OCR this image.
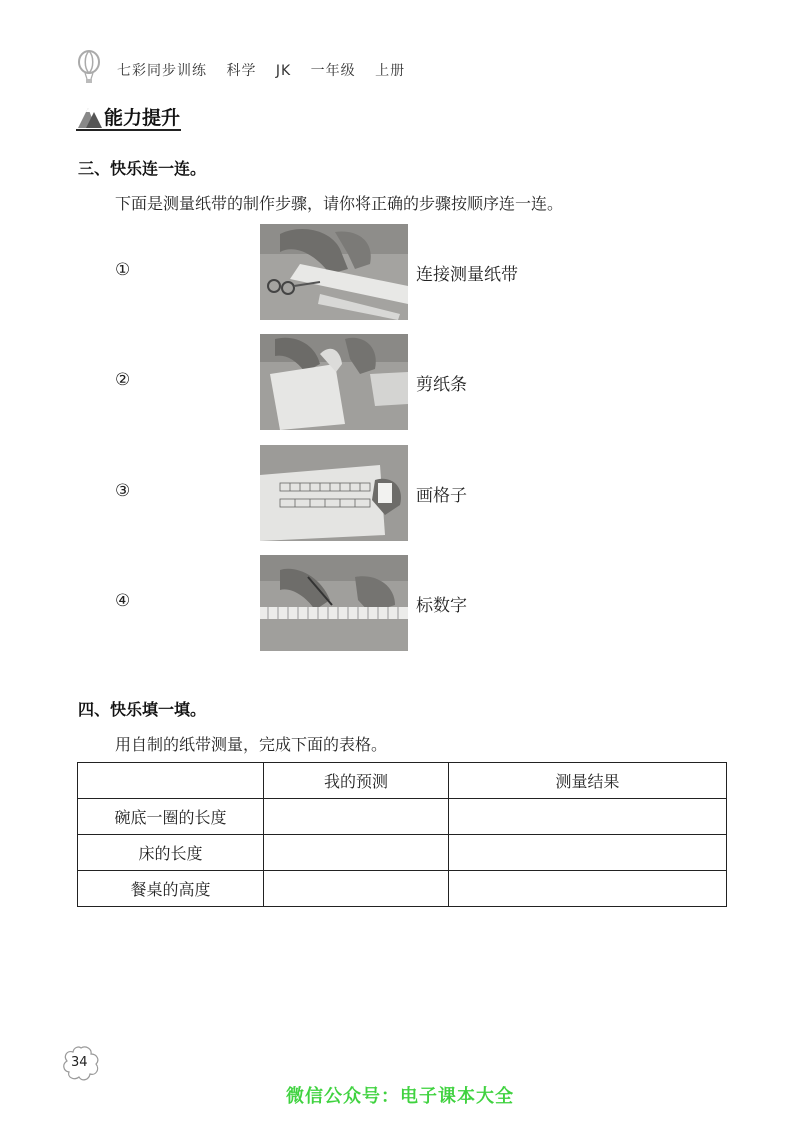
七彩同步训练 科学 JK 一年级 上册
能力提升
三、快乐连一连。
下面是测量纸带的制作步骤，请你将正确的步骤按顺序连一连。
①	连接测量纸带
②	剪纸条
③	画格子
④	标数字
四、快乐填一填。
用自制的纸带测量，完成下面的表格。
	我的预测	测量结果
碗底一圈的长度		
床的长度		
餐桌的高度		
34
微信公众号：电子课本大全
